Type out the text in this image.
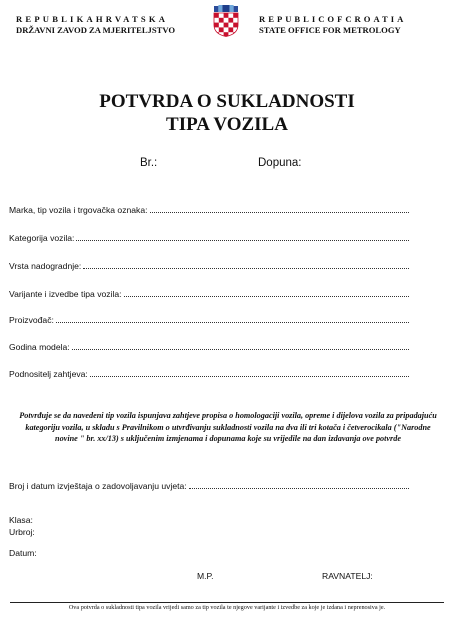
REPUBLIKAHRVATSKA
DRŽAVNI ZAVOD ZA MJERITELJSTVO
REPUBLICOFCROATIA
STATE OFFICE FOR METROLOGY
POTVRDA O SUKLADNOSTI
TIPA VOZILA
Br.:	Dopuna:
Marka, tip vozila i trgovačka oznaka:
Kategorija vozila:
Vrsta nadogradnje:
Varijante i izvedbe tipa vozila:
Proizvođač:
Godina modela:
Podnositelj zahtjeva:
Potvrđuje se da navedeni tip vozila ispunjava zahtjeve propisa o homologaciji vozila, opreme i dijelova vozila za pripadajuću kategoriju vozila, u skladu s Pravilnikom o utvrđivanju sukladnosti vozila na dva ili tri kotača i četverocikala ("Narodne novine " br. xx/13) s uključenim izmjenama i dopunama koje su vrijedile na dan izdavanja ove potvrde
Broj i datum izvještaja o zadovoljavanju uvjeta:
Klasa:
Urbroj:
Datum:
M.P.	RAVNATELJ:
Ova potvrda o sukladnosti tipa vozila vrijedi samo za tip vozila te njegove varijante i izvedbe za koje je izdana i neprenosiva je.
